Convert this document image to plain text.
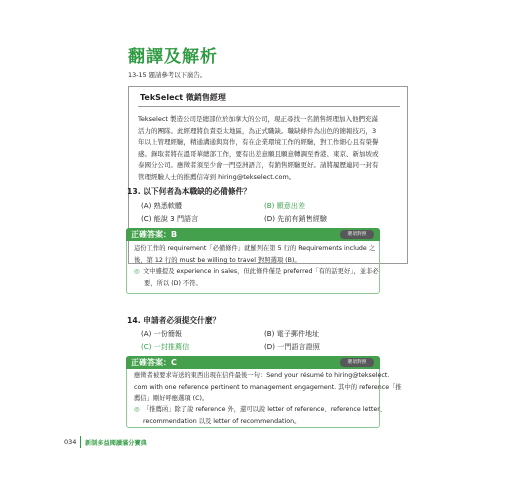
翻譯及解析
13-15 題請參考以下廣告。
TekSelect 徵銷售經理
Tekselect 製造公司是總部位於加拿大的公司，現正尋找一名銷售經理加入他們充滿
活力的團隊。此經理將負責亞太地區，為正式職缺。職缺條件為出色的簡報技巧，3
年以上管理經驗，精通溝通與寫作，有在企業環境工作的經驗，對工作細心且有榮譽
感。錄取者將在溫哥華總部工作，要有出差意願且願意轉調至香港、東京、新加坡或
泰國分公司。應徵者須至少會一門亞洲語言，有銷售經驗更好。請將履歷連同一封有
管理經驗人士的推薦信寄到 hiring@tekselect.com。
13. 以下何者為本職缺的必備條件？
(A) 熟悉軟體	(B) 願意出差
(C) 能說 3 門語言	(D) 先前有銷售經驗
正確答案：B	選項對照
這份工作的 requirement「必備條件」就羅列在第 5 行的 Requirements include 之
後，第 12 行的 must be willing to travel 對照選項 (B)。
◎ 文中雖提及 experience in sales，但此條件僅是 preferred「有的話更好」，並非必
要，所以 (D) 不符。
14. 申請者必須提交什麼？
(A) 一份簡報	(B) 電子郵件地址
(C) 一封推薦信	(D) 一門語言證照
正確答案：C	選項對照
應徵者被要求寄送的東西出現在信件最後一句：Send your résumé to hiring@tekselect.
com with one reference pertinent to management engagement. 其中的 reference「推
薦信」剛好呼應選項 (C)。
◎ 「推薦函」除了說 reference 外，還可以說 letter of reference、reference letter、
recommendation 以及 letter of recommendation。
034 新制多益閱讀滿分寶典
